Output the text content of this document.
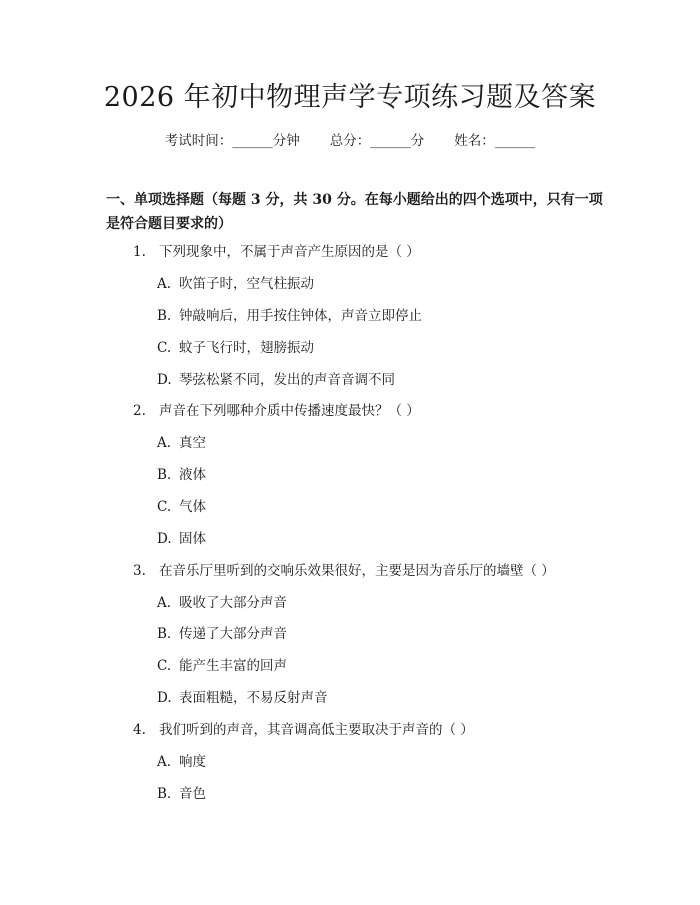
2026 年初中物理声学专项练习题及答案
考试时间：______分钟 总分：______分 姓名：______
一、单项选择题（每题 3 分，共 30 分。在每小题给出的四个选项中，只有一项是符合题目要求的）
1. 下列现象中，不属于声音产生原因的是（ ）
A. 吹笛子时，空气柱振动
B. 钟敲响后，用手按住钟体，声音立即停止
C. 蚊子飞行时，翅膀振动
D. 琴弦松紧不同，发出的声音音调不同
2. 声音在下列哪种介质中传播速度最快？（ ）
A. 真空
B. 液体
C. 气体
D. 固体
3. 在音乐厅里听到的交响乐效果很好，主要是因为音乐厅的墙壁（ ）
A. 吸收了大部分声音
B. 传递了大部分声音
C. 能产生丰富的回声
D. 表面粗糙，不易反射声音
4. 我们听到的声音，其音调高低主要取决于声音的（ ）
A. 响度
B. 音色
